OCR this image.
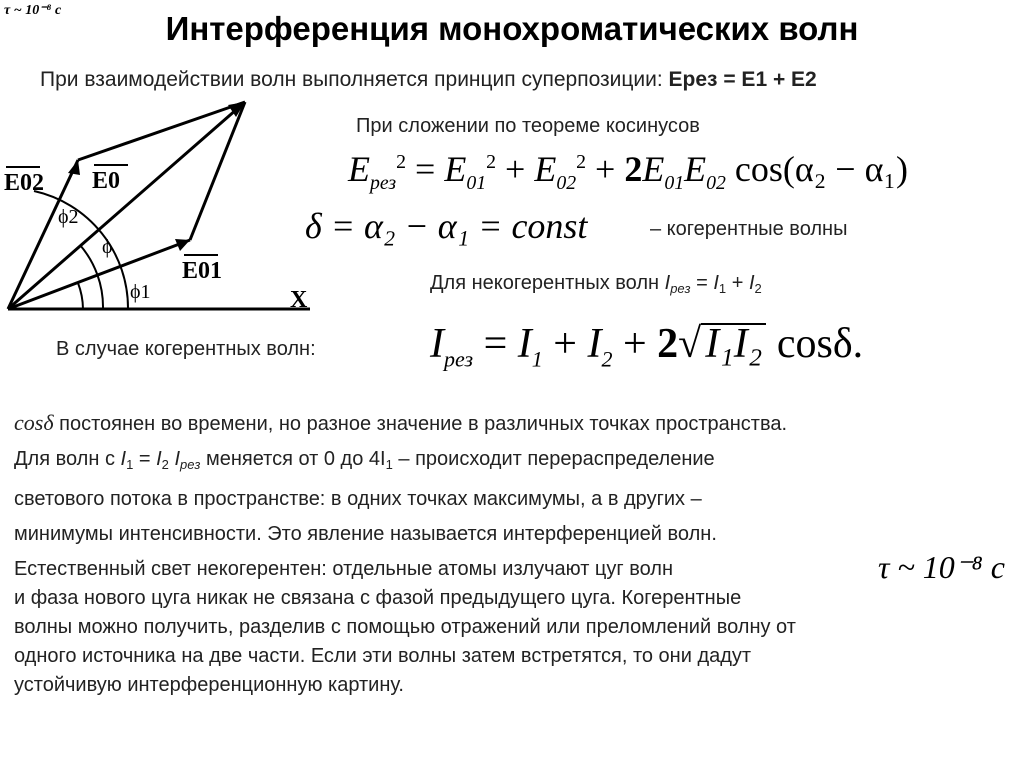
τ ~ 10⁻⁸ c	Интерференция монохроматических волн
При взаимодействии волн выполняется принцип суперпозиции: Ерез = Е1 + Е2
E02 E0
E01
X
ϕ2
ϕ
ϕ1
При сложении по теореме косинусов
$E_{рез}^2 = E_{01}^2 + E_{02}^2 + 2E_{01}E_{02}$ cos(α₂ − α₁)
δ = α₂ − α₁ = const	– когерентные волны
Для некогерентных волн $I_{рез} = I_1 + I_2$
В случае когерентных волн:	$I_{рез} = I_1 + I_2 + 2√I_1I_2$ cosδ.
cosδ постоянен во времени, но разное значение в различных точках пространства.
Для волн с $I_1 = I_2$ $I_{рез}$ меняется от 0 до $4I_1$ – происходит перераспределение
светового потока в пространстве: в одних точках максимумы, а в других –
минимумы интенсивности. Это явление называется интерференцией волн.
Естественный свет некогерентен: отдельные атомы излучают цуг волн
и фаза нового цуга никак не связана с фазой предыдущего цуга. Когерентные
волны можно получить, разделив с помощью отражений или преломлений волну от
одного источника на две части. Если эти волны затем встретятся, то они дадут
устойчивую интерференционную картину.
τ ~ 10⁻⁸ c
